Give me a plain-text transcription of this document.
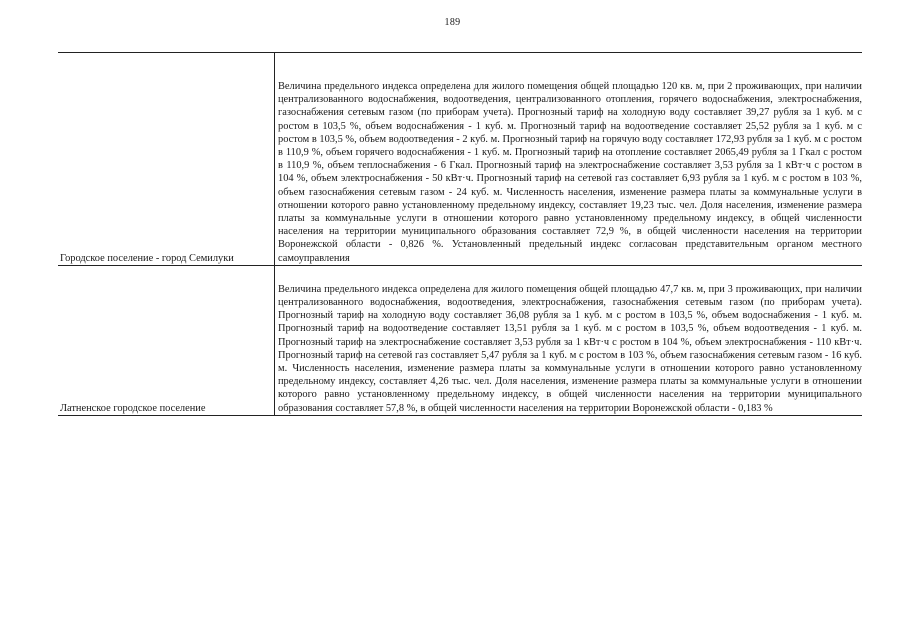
189
Городское поселение - город Семилуки	Величина предельного индекса определена для жилого помещения общей площадью 120 кв. м, при 2 проживающих, при наличии централизованного водоснабжения, водоотведения, централизованного отопления, горячего водоснабжения, электроснабжения, газоснабжения сетевым газом (по приборам учета). Прогнозный тариф на холодную воду составляет 39,27 рубля за 1 куб. м с ростом в 103,5 %, объем водоснабжения - 1 куб. м. Прогнозный тариф на водоотведение составляет 25,52 рубля за 1 куб. м с ростом в 103,5 %, объем водоотведения - 2 куб. м. Прогнозный тариф на горячую воду составляет 172,93 рубля за 1 куб. м с ростом в 110,9 %, объем горячего водоснабжения - 1 куб. м. Прогнозный тариф на отопление составляет 2065,49 рубля за 1 Гкал с ростом в 110,9 %, объем теплоснабжения - 6 Гкал. Прогнозный тариф на электроснабжение составляет 3,53 рубля за 1 кВт·ч с ростом в 104 %, объем электроснабжения - 50 кВт·ч. Прогнозный тариф на сетевой газ составляет 6,93 рубля за 1 куб. м с ростом в 103 %, объем газоснабжения сетевым газом - 24 куб. м. Численность населения, изменение размера платы за коммунальные услуги в отношении которого равно установленному предельному индексу, составляет 19,23 тыс. чел. Доля населения, изменение размера платы за коммунальные услуги в отношении которого равно установленному предельному индексу, в общей численности населения на территории муниципального образования составляет 72,9 %, в общей численности населения на территории Воронежской области - 0,826 %. Установленный предельный индекс согласован представительным органом местного самоуправления
Латненское городское поселение	Величина предельного индекса определена для жилого помещения общей площадью 47,7 кв. м, при 3 проживающих, при наличии централизованного водоснабжения, водоотведения, электроснабжения, газоснабжения сетевым газом (по приборам учета). Прогнозный тариф на холодную воду составляет 36,08 рубля за 1 куб. м с ростом в 103,5 %, объем водоснабжения - 1 куб. м. Прогнозный тариф на водоотведение составляет 13,51 рубля за 1 куб. м с ростом в 103,5 %, объем водоотведения - 1 куб. м. Прогнозный тариф на электроснабжение составляет 3,53 рубля за 1 кВт·ч с ростом в 104 %, объем электроснабжения - 110 кВт·ч. Прогнозный тариф на сетевой газ составляет 5,47 рубля за 1 куб. м с ростом в 103 %, объем газоснабжения сетевым газом - 16 куб. м. Численность населения, изменение размера платы за коммунальные услуги в отношении которого равно установленному предельному индексу, составляет 4,26 тыс. чел. Доля населения, изменение размера платы за коммунальные услуги в отношении которого равно установленному предельному индексу, в общей численности населения на территории муниципального образования составляет 57,8 %, в общей численности населения на территории Воронежской области - 0,183 %
